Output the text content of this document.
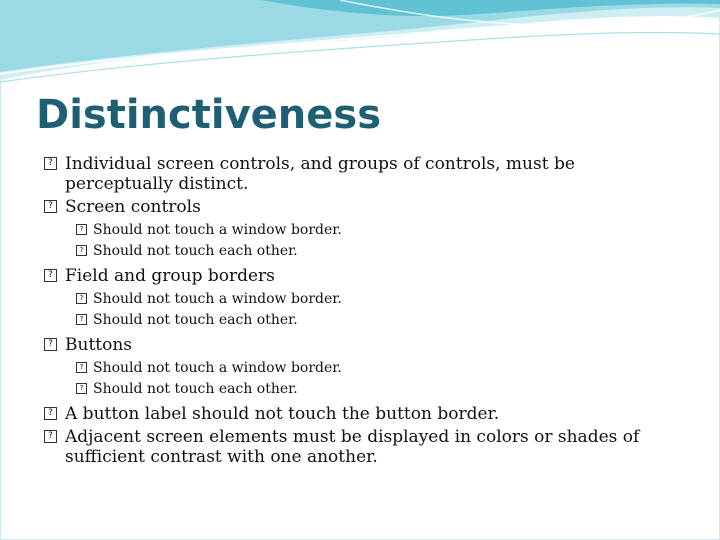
Distinctiveness
? Individual screen controls, and groups of controls, must be perceptually distinct.
? Screen controls
? Should not touch a window border.
? Should not touch each other.
? Field and group borders
? Should not touch a window border.
? Should not touch each other.
? Buttons
? Should not touch a window border.
? Should not touch each other.
? A button label should not touch the button border.
? Adjacent screen elements must be displayed in colors or shades of sufficient contrast with one another.
